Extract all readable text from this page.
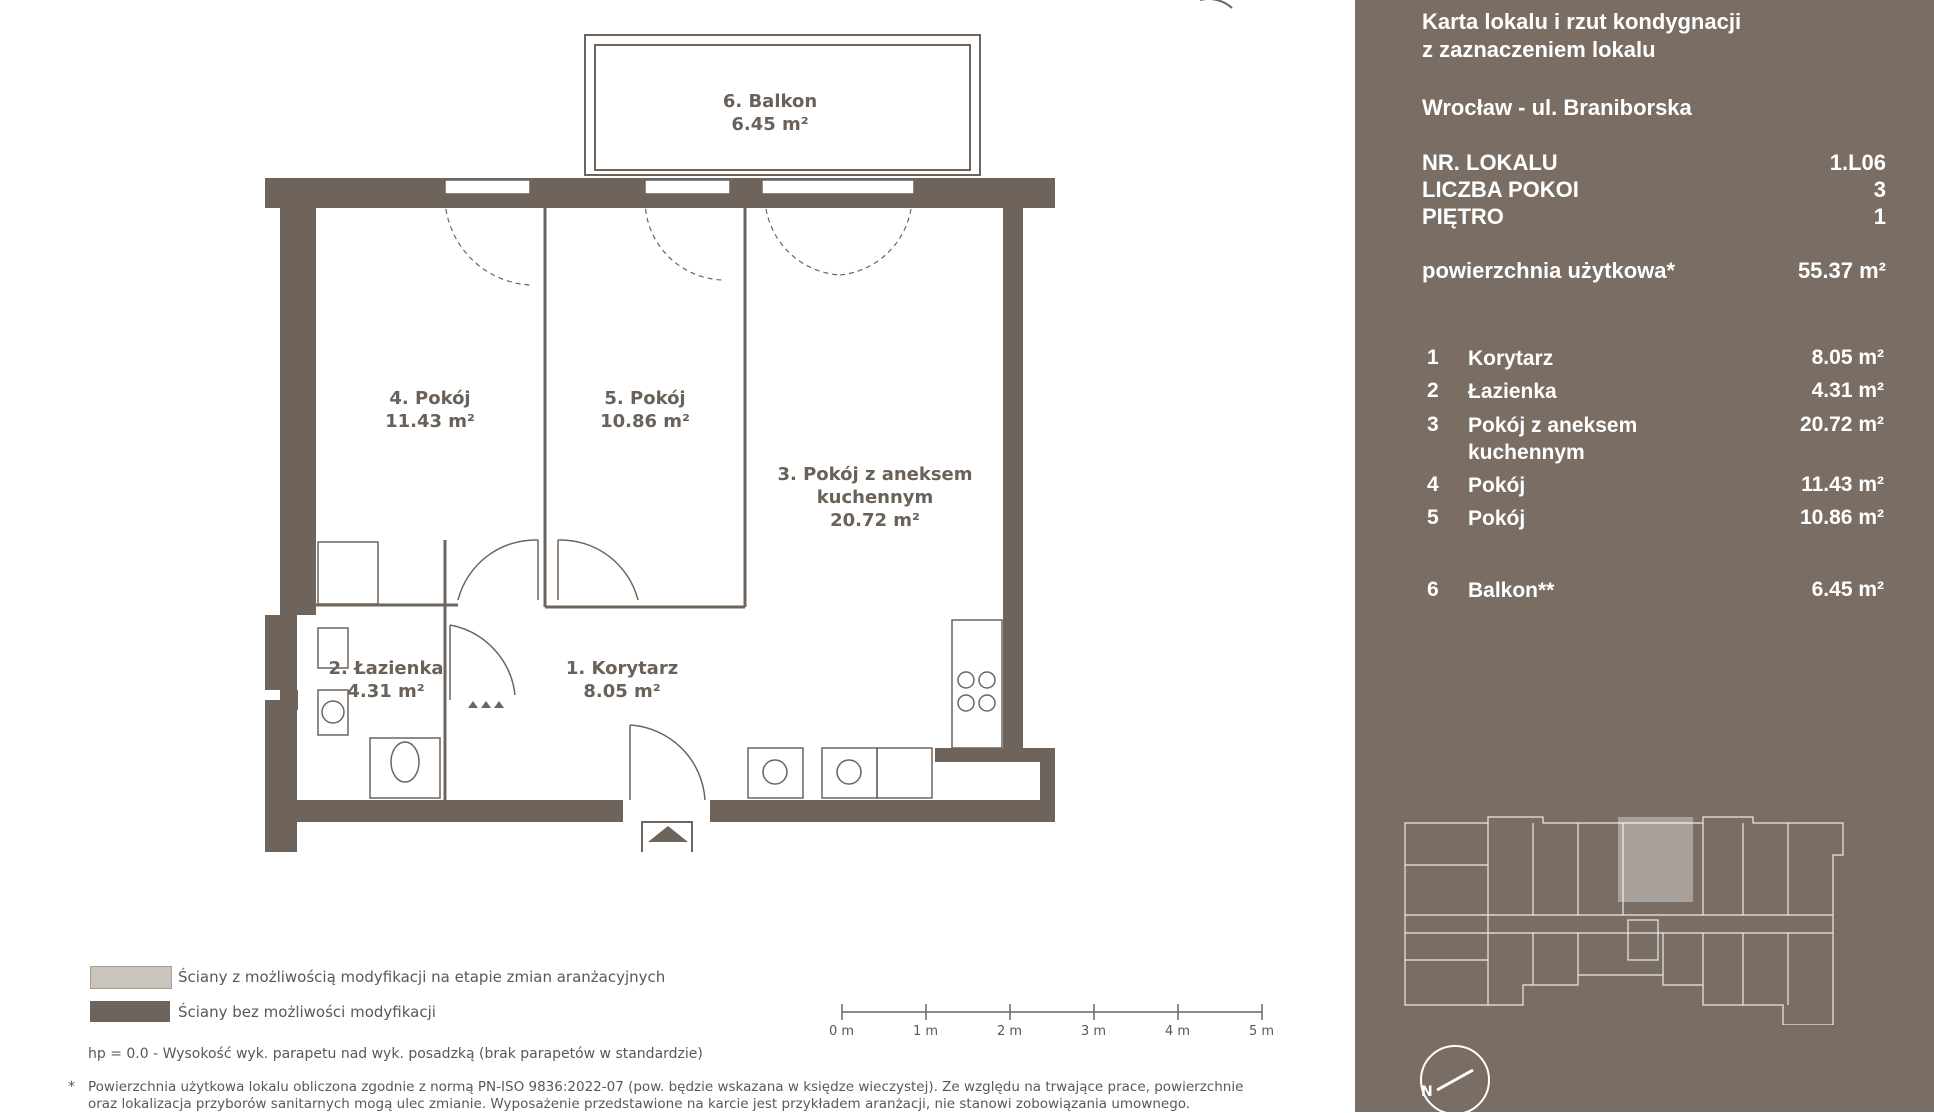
6. Balkon
6.45 m²
4. Pokój
11.43 m²
5. Pokój
10.86 m²
3. Pokój z aneksem
kuchennym
20.72 m²
2. Łazienka
4.31 m²
1. Korytarz
8.05 m²
Ściany z możliwością modyfikacji na etapie zmian aranżacyjnych
Ściany bez możliwości modyfikacji
0 m	1 m	2 m	3 m	4 m	5 m
hp = 0.0 - Wysokość wyk. parapetu nad wyk. posadzką (brak parapetów w standardzie)
* Powierzchnia użytkowa lokalu obliczona zgodnie z normą PN-ISO 9836:2022-07 (pow. będzie wskazana w księdze wieczystej). Ze względu na trwające prace, powierzchnie
oraz lokalizacja przyborów sanitarnych mogą ulec zmianie. Wyposażenie przedstawione na karcie jest przykładem aranżacji, nie stanowi zobowiązania umownego.
Karta lokalu i rzut kondygnacji
z zaznaczeniem lokalu
Wrocław - ul. Braniborska
NR. LOKALU	1.L06
LICZBA POKOI	3
PIĘTRO	1
powierzchnia użytkowa*	55.37 m²
1 Korytarz	8.05 m²
2 Łazienka	4.31 m²
3 Pokój z aneksem
kuchennym
20.72 m²
4 Pokój	11.43 m²
5 Pokój	10.86 m²
6 Balkon**	6.45 m²
N
